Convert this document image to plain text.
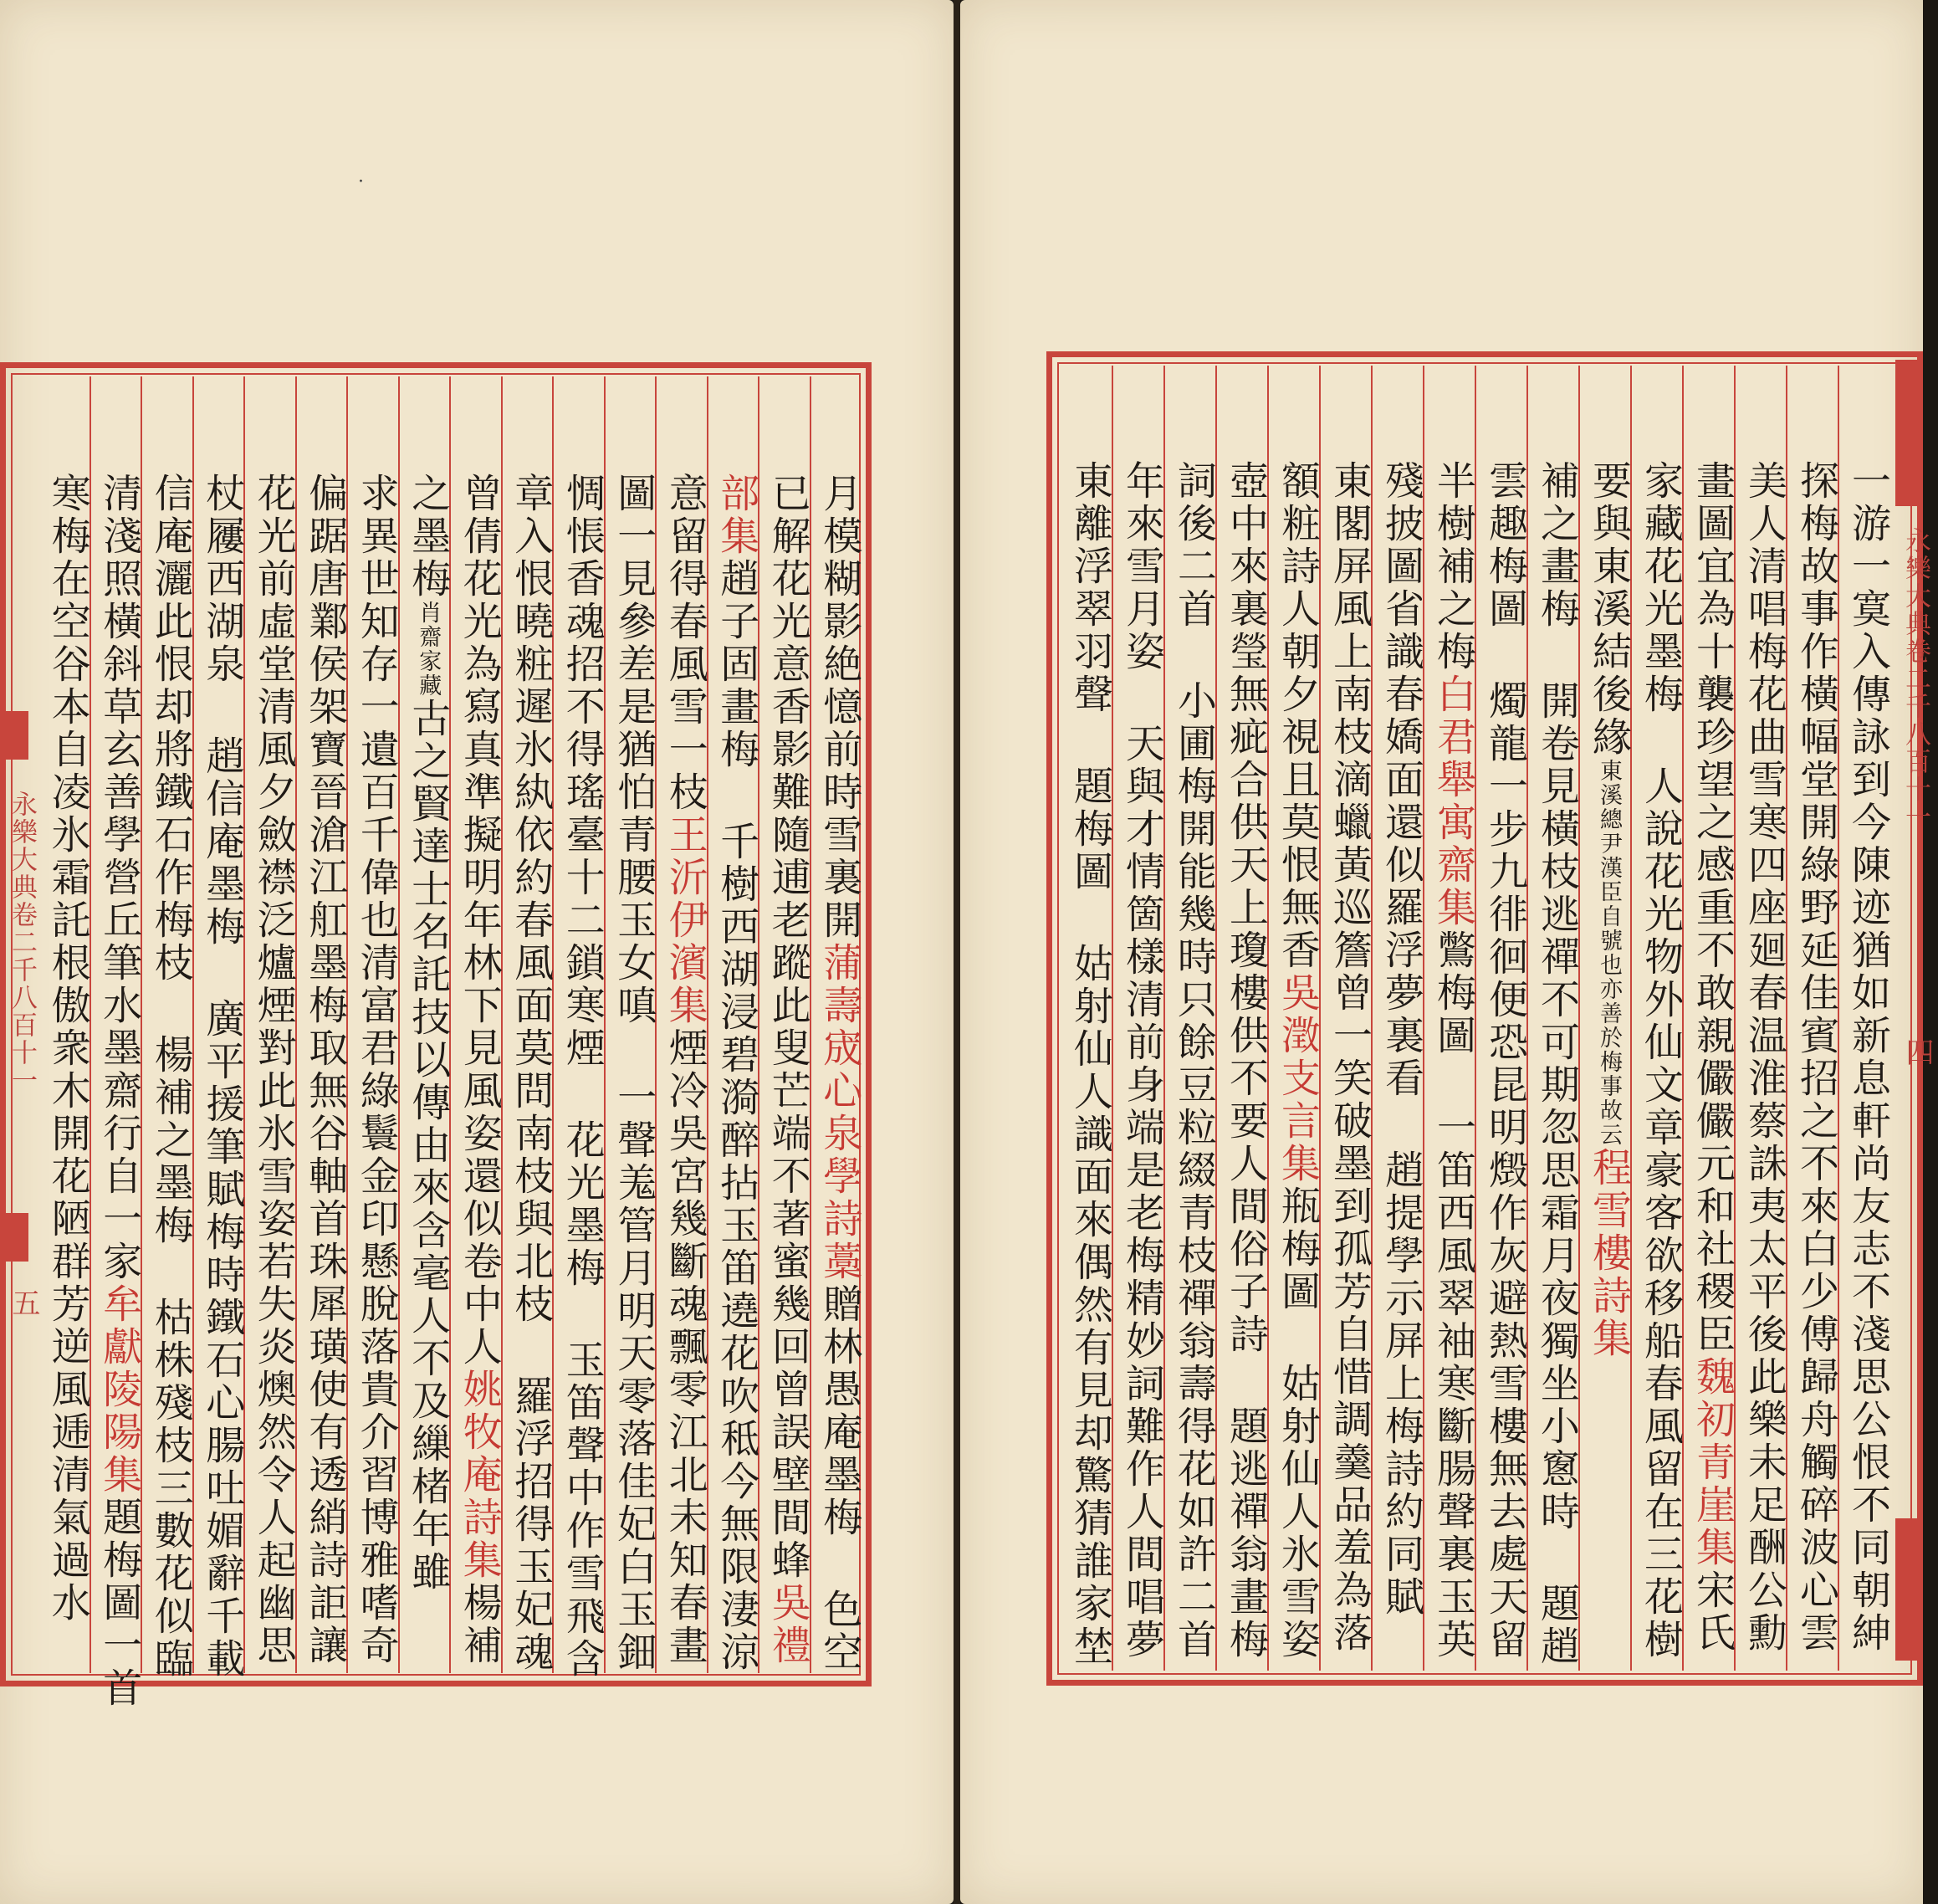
月模糊影絶憶前時雪裏開蒲壽宬心泉學詩藁贈林愚庵墨梅 色空
已解花光意香影難隨逋老蹤此叟芒端不著蜜幾回曾誤壁間蜂吳禮
部集趙子固畫梅 千樹西湖浸碧漪醉拈玉笛遶花吹秪今無限淒涼
意留得春風雪一枝王沂伊濱集煙冷吳宮幾斷魂飄零江北未知春畫
圖一見參差是猶怕青腰玉女嗔 一聲羗管月明天零落佳妃白玉鈿
惆悵香魂招不得瑤臺十二鎖寒煙 花光墨梅 玉笛聲中作雪飛含
章入恨曉粧遲氷紈依約春風面莫問南枝與北枝 羅浮招得玉妃魂
曾倩花光為寫真準擬明年林下見風姿還似卷中人姚牧庵詩集楊補
之墨梅肖齋家藏古之賢達士名託技以傳由來含毫人不及繅楮年雖
求異世知存一遺百千偉也清富君綠鬟金印懸脫落貴介習博雅嗜奇
偏踞唐鄴侯架寶晉滄江舡墨梅取無谷軸首珠犀璜使有透綃詩詎讓
花光前虛堂清風夕斂襟泛爐煙對此氷雪姿若失炎燠然令人起幽思
杖屨西湖泉 趙信庵墨梅 廣平援筆賦梅時鐵石心腸吐媚辭千載
信庵灑此恨却將鐵石作梅枝 楊補之墨梅 枯株殘枝三數花似臨
清淺照橫斜草玄善學營丘筆水墨齋行自一家牟獻陵陽集題梅圖一首
寒梅在空谷本自凌氷霜託根傲衆木開花陋群芳逆風逓清氣過水
永樂大典卷二千八百十一
五
·
一游一寞入傳詠到今陳迹猶如新息軒尚友志不淺思公恨不同朝紳
探梅故事作橫幅堂開綠野延佳賓招之不來白少傅歸舟觸碎波心雲
美人清唱梅花曲雪寒四座廻春温淮蔡誅夷太平後此樂未足酬公勳
畫圖宜為十襲珍望之感重不敢親儼儼元和社稷臣魏初青崖集宋氏
家藏花光墨梅 人說花光物外仙文章豪客欲移船春風留在三花樹
要與東溪結後緣東溪總尹漢臣自號也亦善於梅事故云程雪樓詩集
補之畫梅 開卷見橫枝逃禪不可期忽思霜月夜獨坐小窻時 題趙
雲趣梅圖 燭龍一步九徘徊便恐昆明燬作灰避熱雪樓無去處天留
半樹補之梅白君舉寓齋集鷩梅圖 一笛西風翠袖寒斷腸聲裏玉英
殘披圖省識春嬌面還似羅浮夢裏看 趙提學示屏上梅詩約同賦
東閣屏風上南枝滴蠟黃巡簷曾一笑破墨到孤芳自惜調羹品羞為落
額粧詩人朝夕視且莫恨無香吳澂支言集瓶梅圖 姑射仙人氷雪姿
壺中來裏瑩無疵合供天上瓊樓供不要人間俗子詩 題逃禪翁畫梅
詞後二首 小圃梅開能幾時只餘豆粒綴青枝禪翁壽得花如許二首
年來雪月姿 天與才情箇樣清前身端是老梅精妙詞難作人間唱夢
東離浮翠羽聲 題梅圖 姑射仙人識面來偶然有見却驚猜誰家埜	永樂大典卷二千八百十一
四
